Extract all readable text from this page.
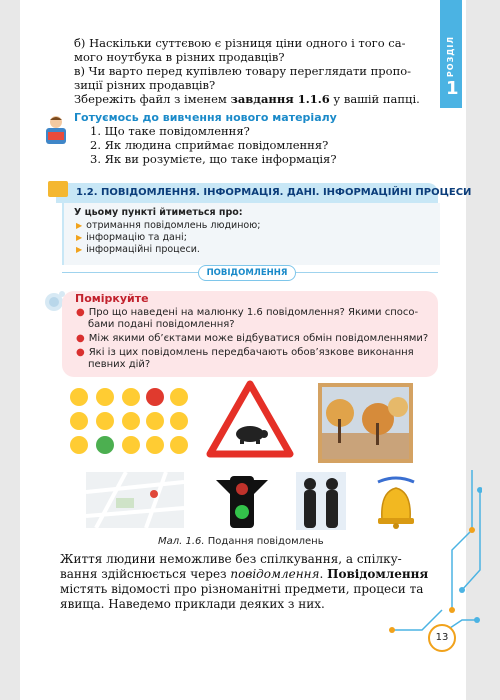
РОЗДІЛ
1
б) Наскільки суттєвою є різниця ціни одного і того са-
мого ноутбука в різних продавців?
в) Чи варто перед купівлею товару переглядати пропо-
зиції різних продавців?
Збережіть файл з іменем завдання 1.1.6 у вашій папці.
Готуємось до вивчення нового матеріалу
1. Що таке повідомлення?
2. Як людина сприймає повідомлення?
3. Як ви розумієте, що таке інформація?
1.2. ПОВІДОМЛЕННЯ. ІНФОРМАЦІЯ. ДАНІ. ІНФОРМАЦІЙНІ ПРОЦЕСИ
У цьому пункті йтиметься про:
▶ отримання повідомлень людиною;
▶ інформацію та дані;
▶ інформаційні процеси.
ПОВІДОМЛЕННЯ
Поміркуйте
● Про що наведені на малюнку 1.6 повідомлення? Якими спосо-
бами подані повідомлення?
● Між якими об’єктами може відбуватися обмін повідомленнями?
● Які із цих повідомлень передбачають обов’язкове виконання
певних дій?
Мал. 1.6. Подання повідомлень
Життя людини неможливе без спілкування, а спілку-
вання здійснюється через повідомлення. Повідомлення
містять відомості про різноманітні предмети, процеси та
явища. Наведемо приклади деяких з них.
13
